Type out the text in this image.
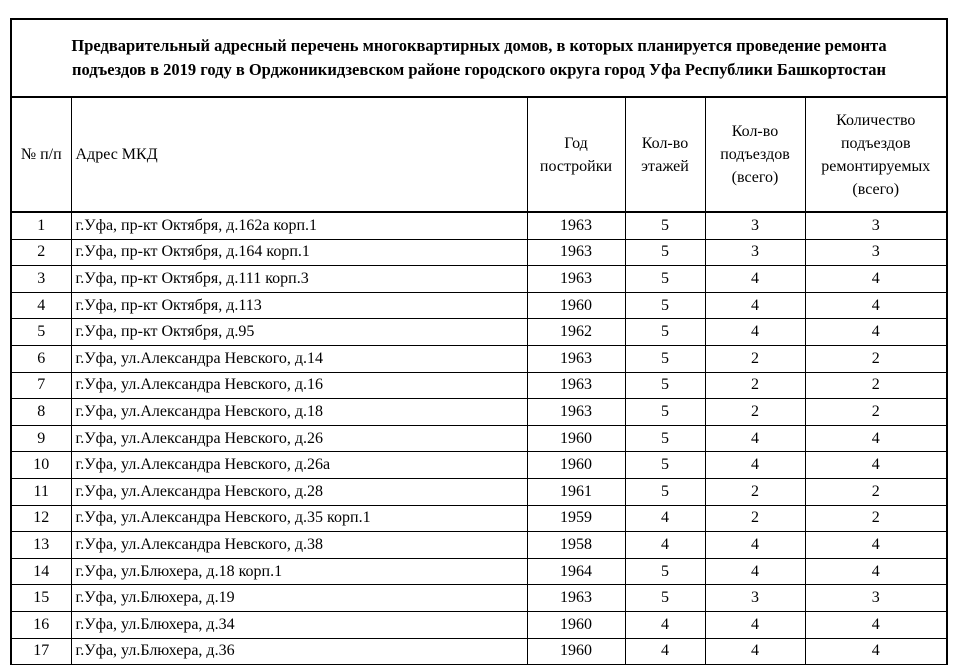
Предварительный адресный перечень многоквартирных домов, в которых планируется проведение ремонта
подъездов в 2019 году в Орджоникидзевском районе городского округа город Уфа Республики Башкортостан
№ п/п	Адрес МКД	Год постройки	Кол-во этажей	Кол-во подъездов (всего)	Количество подъездов ремонтируемых (всего)
1	г.Уфа, пр-кт Октября, д.162а корп.1	1963	5	3	3
2	г.Уфа, пр-кт Октября, д.164 корп.1	1963	5	3	3
3	г.Уфа, пр-кт Октября, д.111 корп.3	1963	5	4	4
4	г.Уфа, пр-кт Октября, д.113	1960	5	4	4
5	г.Уфа, пр-кт Октября, д.95	1962	5	4	4
6	г.Уфа, ул.Александра Невского, д.14	1963	5	2	2
7	г.Уфа, ул.Александра Невского, д.16	1963	5	2	2
8	г.Уфа, ул.Александра Невского, д.18	1963	5	2	2
9	г.Уфа, ул.Александра Невского, д.26	1960	5	4	4
10	г.Уфа, ул.Александра Невского, д.26а	1960	5	4	4
11	г.Уфа, ул.Александра Невского, д.28	1961	5	2	2
12	г.Уфа, ул.Александра Невского, д.35 корп.1	1959	4	2	2
13	г.Уфа, ул.Александра Невского, д.38	1958	4	4	4
14	г.Уфа, ул.Блюхера, д.18 корп.1	1964	5	4	4
15	г.Уфа, ул.Блюхера, д.19	1963	5	3	3
16	г.Уфа, ул.Блюхера, д.34	1960	4	4	4
17	г.Уфа, ул.Блюхера, д.36	1960	4	4	4
